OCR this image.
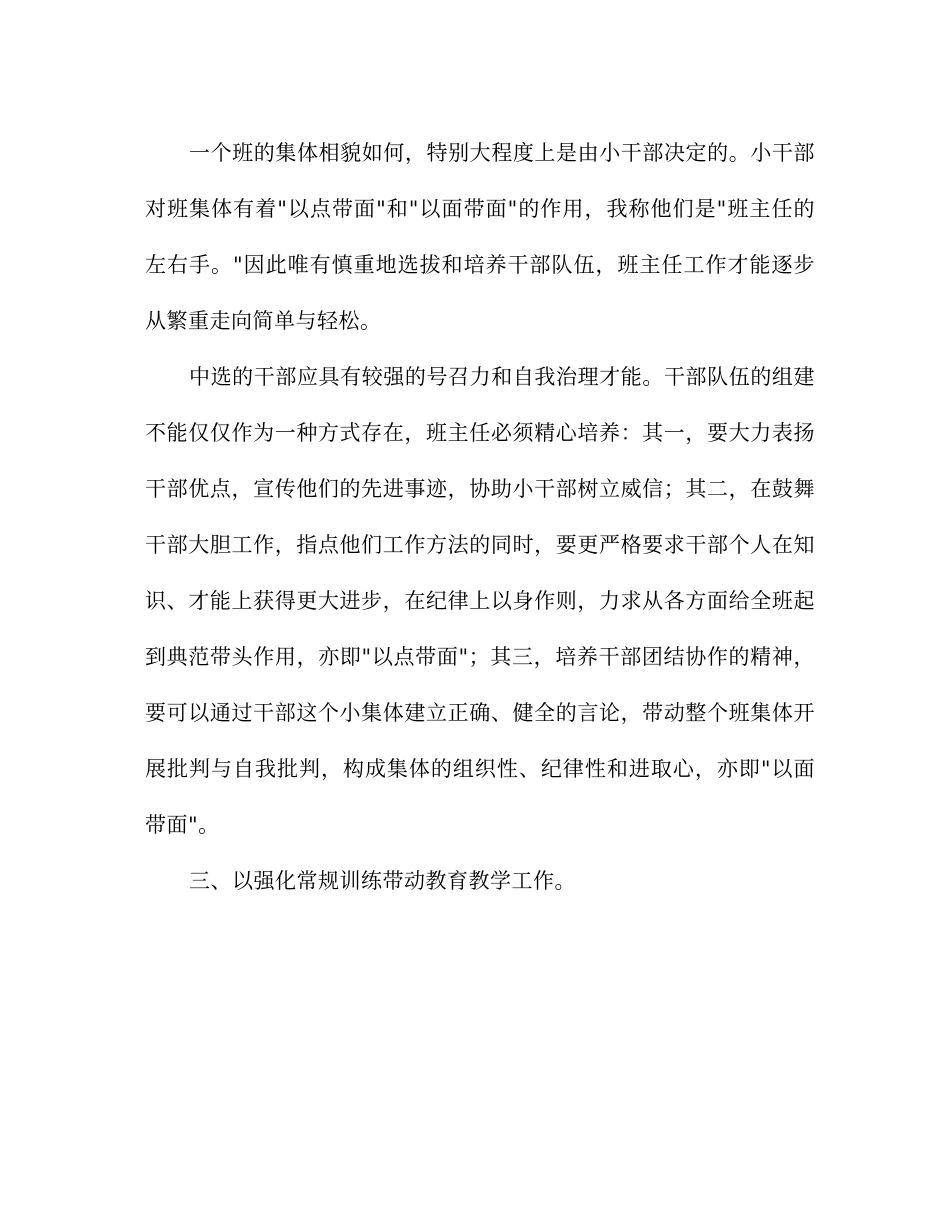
一个班的集体相貌如何，特别大程度上是由小干部决定的。小干部对班集体有着"以点带面"和"以面带面"的作用，我称他们是"班主任的左右手。"因此唯有慎重地选拔和培养干部队伍，班主任工作才能逐步从繁重走向简单与轻松。

中选的干部应具有较强的号召力和自我治理才能。干部队伍的组建不能仅仅作为一种方式存在，班主任必须精心培养：其一，要大力表扬干部优点，宣传他们的先进事迹，协助小干部树立威信；其二，在鼓舞干部大胆工作，指点他们工作方法的同时，要更严格要求干部个人在知识、才能上获得更大进步，在纪律上以身作则，力求从各方面给全班起到典范带头作用，亦即"以点带面"；其三，培养干部团结协作的精神，要可以通过干部这个小集体建立正确、健全的言论，带动整个班集体开展批判与自我批判，构成集体的组织性、纪律性和进取心，亦即"以面带面"。

三、以强化常规训练带动教育教学工作。
